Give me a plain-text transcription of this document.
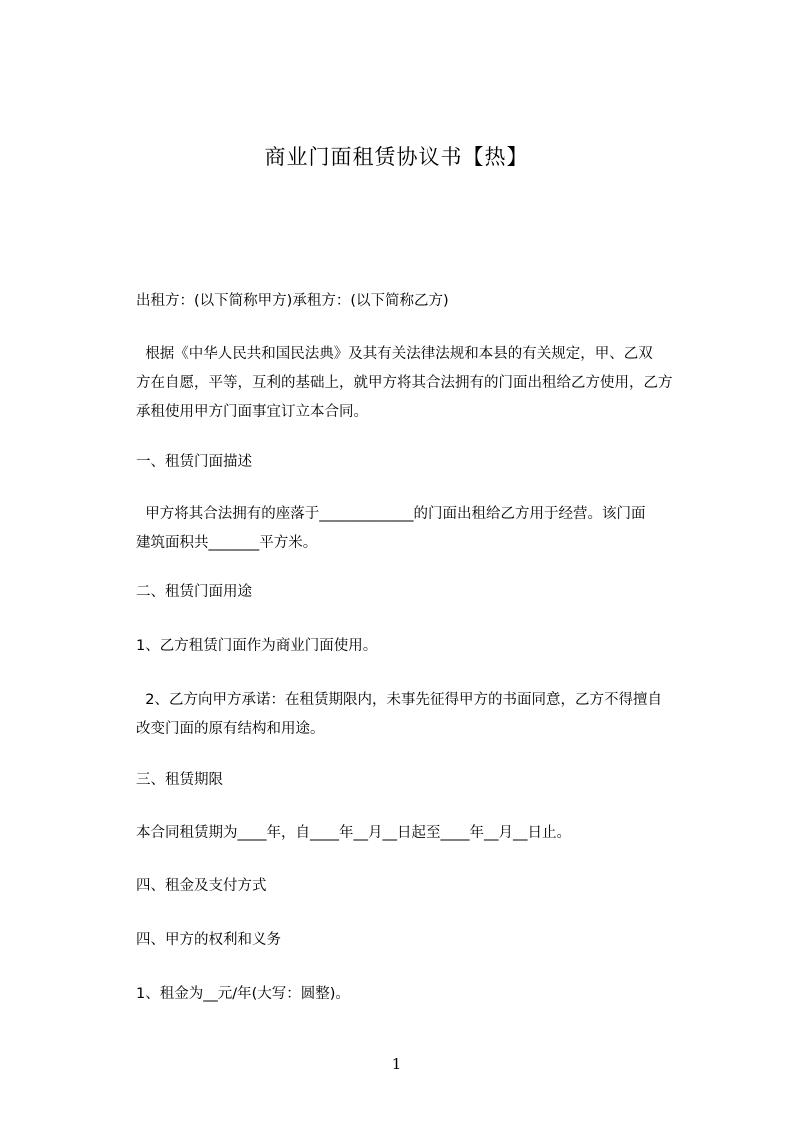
商业门面租赁协议书【热】
出租方：(以下简称甲方)承租方：(以下简称乙方)
根据《中华人民共和国民法典》及其有关法律法规和本县的有关规定，甲、乙双
方在自愿，平等，互利的基础上，就甲方将其合法拥有的门面出租给乙方使用，乙方
承租使用甲方门面事宜订立本合同。
一、租赁门面描述
甲方将其合法拥有的座落于_____________的门面出租给乙方用于经营。该门面
建筑面积共_______平方米。
二、租赁门面用途
1、乙方租赁门面作为商业门面使用。
2、乙方向甲方承诺：在租赁期限内，未事先征得甲方的书面同意，乙方不得擅自
改变门面的原有结构和用途。
三、租赁期限
本合同租赁期为____年，自____年__月__日起至____年__月__日止。
四、租金及支付方式
四、甲方的权利和义务
1、租金为__元/年(大写：圆整)。
1
